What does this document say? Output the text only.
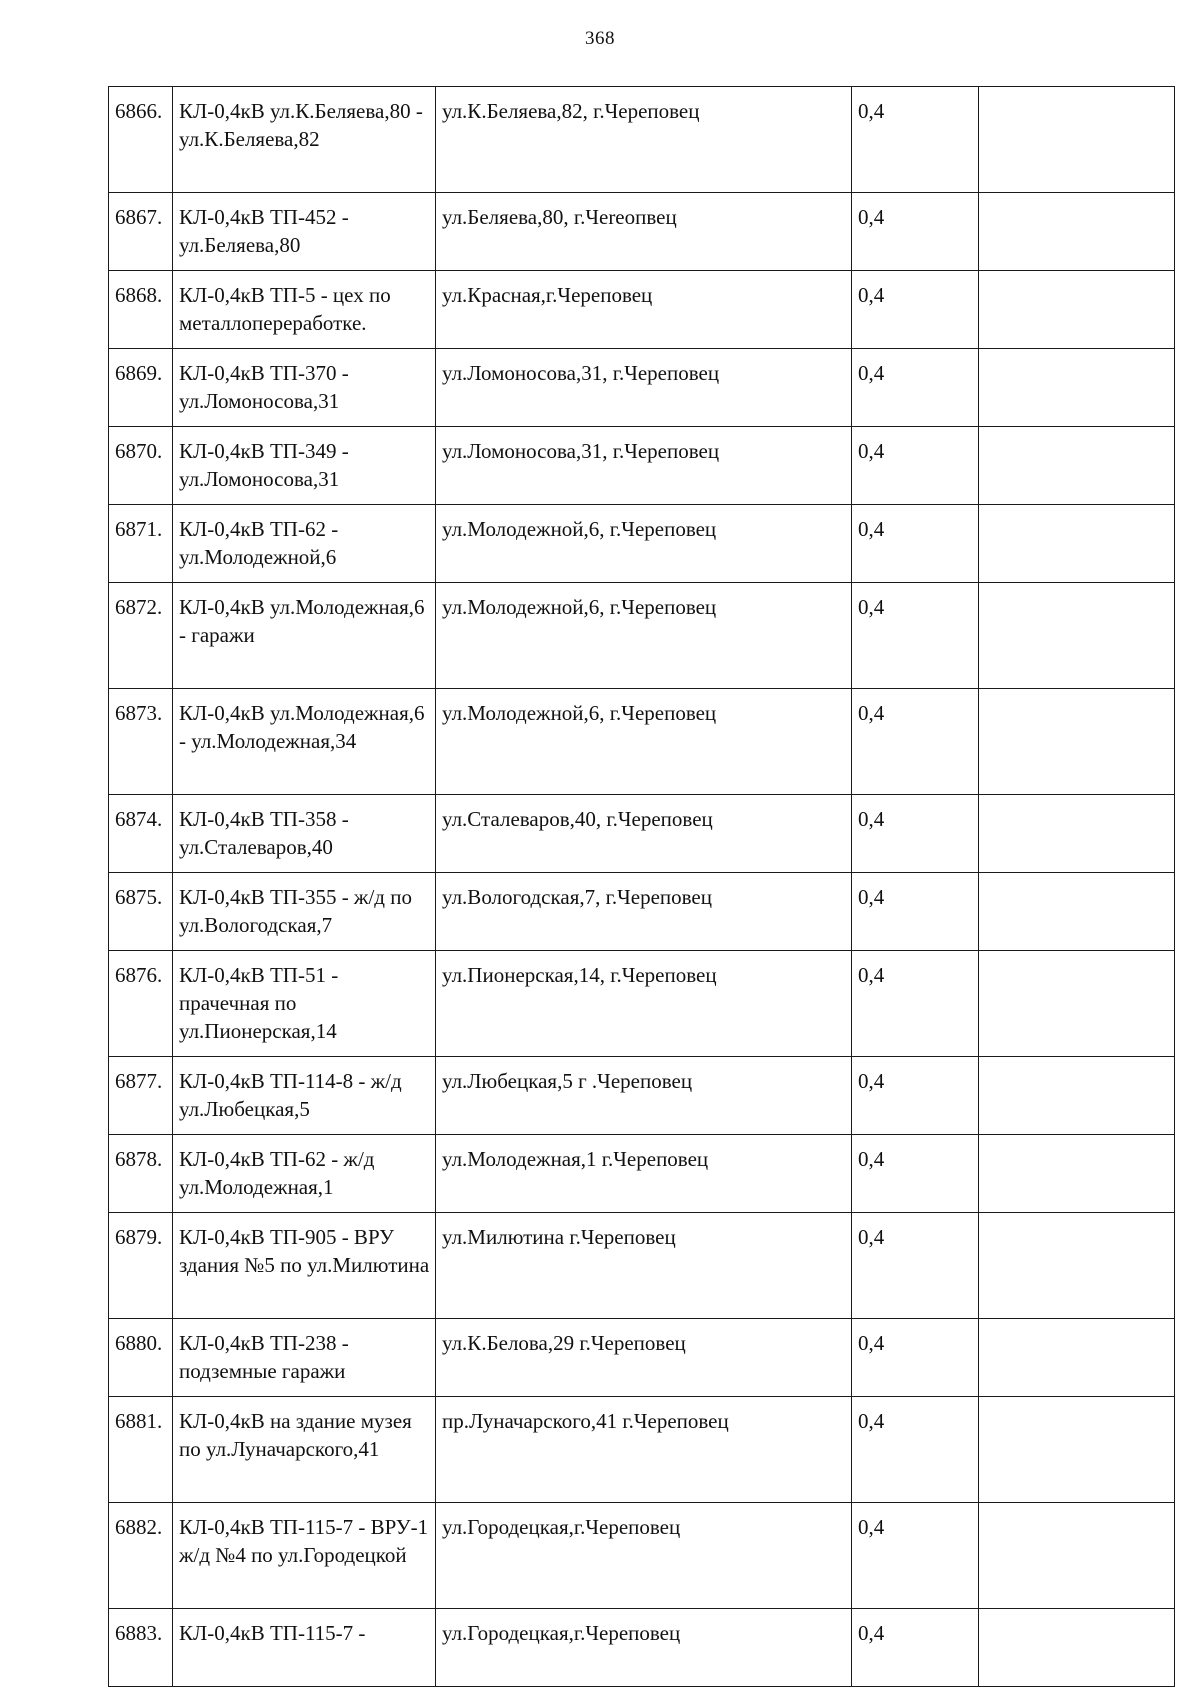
368
6866.	КЛ-0,4кВ ул.К.Беляева,80 - ул.К.Беляева,82	ул.К.Беляева,82, г.Череповец	0,4	
6867.	КЛ-0,4кВ ТП-452 - ул.Беляева,80	ул.Беляева,80, г.Чereопвец	0,4	
6868.	КЛ-0,4кВ ТП-5 - цех по металлопереработке.	ул.Красная,г.Череповец	0,4	
6869.	КЛ-0,4кВ ТП-370 - ул.Ломоносова,31	ул.Ломоносова,31, г.Череповец	0,4	
6870.	КЛ-0,4кВ ТП-349 - ул.Ломоносова,31	ул.Ломоносова,31, г.Череповец	0,4	
6871.	КЛ-0,4кВ ТП-62 - ул.Молодежной,6	ул.Молодежной,6, г.Череповец	0,4	
6872.	КЛ-0,4кВ ул.Молодежная,6 - гаражи	ул.Молодежной,6, г.Череповец	0,4	
6873.	КЛ-0,4кВ ул.Молодежная,6 - ул.Молодежная,34	ул.Молодежной,6, г.Череповец	0,4	
6874.	КЛ-0,4кВ ТП-358 - ул.Сталеваров,40	ул.Сталеваров,40, г.Череповец	0,4	
6875.	КЛ-0,4кВ ТП-355 - ж/д по ул.Вологодская,7	ул.Вологодская,7, г.Череповец	0,4	
6876.	КЛ-0,4кВ ТП-51 - прачечная по ул.Пионерская,14	ул.Пионерская,14, г.Череповец	0,4	
6877.	КЛ-0,4кВ ТП-114-8 - ж/д ул.Любецкая,5	ул.Любецкая,5 г .Череповец	0,4	
6878.	КЛ-0,4кВ ТП-62 - ж/д ул.Молодежная,1	ул.Молодежная,1 г.Череповец	0,4	
6879.	КЛ-0,4кВ ТП-905 - ВРУ здания №5 по ул.Милютина	ул.Милютина г.Череповец	0,4	
6880.	КЛ-0,4кВ ТП-238 - подземные гаражи	ул.К.Белова,29 г.Череповец	0,4	
6881.	КЛ-0,4кВ на здание музея по ул.Луначарского,41	пр.Луначарского,41 г.Череповец	0,4	
6882.	КЛ-0,4кВ ТП-115-7 - ВРУ-1 ж/д №4 по ул.Городецкой	ул.Городецкая,г.Череповец	0,4	
6883.	КЛ-0,4кВ ТП-115-7 -	ул.Городецкая,г.Череповец	0,4	
